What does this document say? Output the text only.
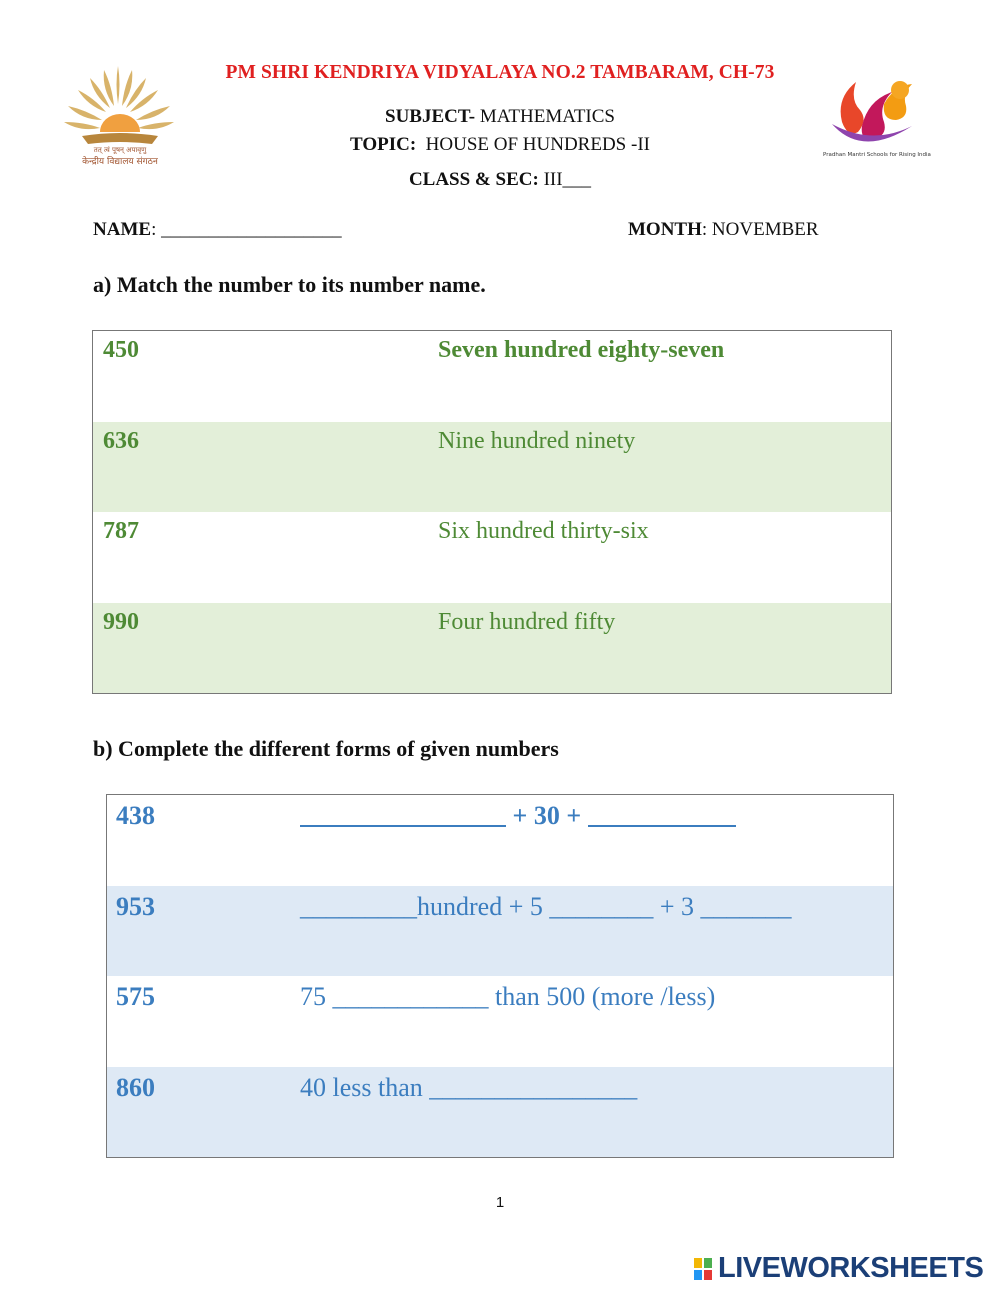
तत् त्वं पूषन् अपावृणु
केन्द्रीय विद्यालय संगठन
Pradhan Mantri Schools for Rising India
PM SHRI KENDRIYA VIDYALAYA NO.2 TAMBARAM, CH-73
SUBJECT- MATHEMATICS
TOPIC:  HOUSE OF HUNDREDS -II
CLASS & SEC: III___
NAME: ___________________	MONTH: NOVEMBER
a) Match the number to its number name.
450	Seven hundred eighty-seven
636	Nine hundred ninety
787	Six hundred thirty-six
990	Four hundred fifty
b) Complete the different forms of given numbers
438	+ 30 +
953	_________hundred + 5 ________ + 3 _______
575	75 ____________ than 500 (more /less)
860	40 less than ________________
1
LIVEWORKSHEETS
